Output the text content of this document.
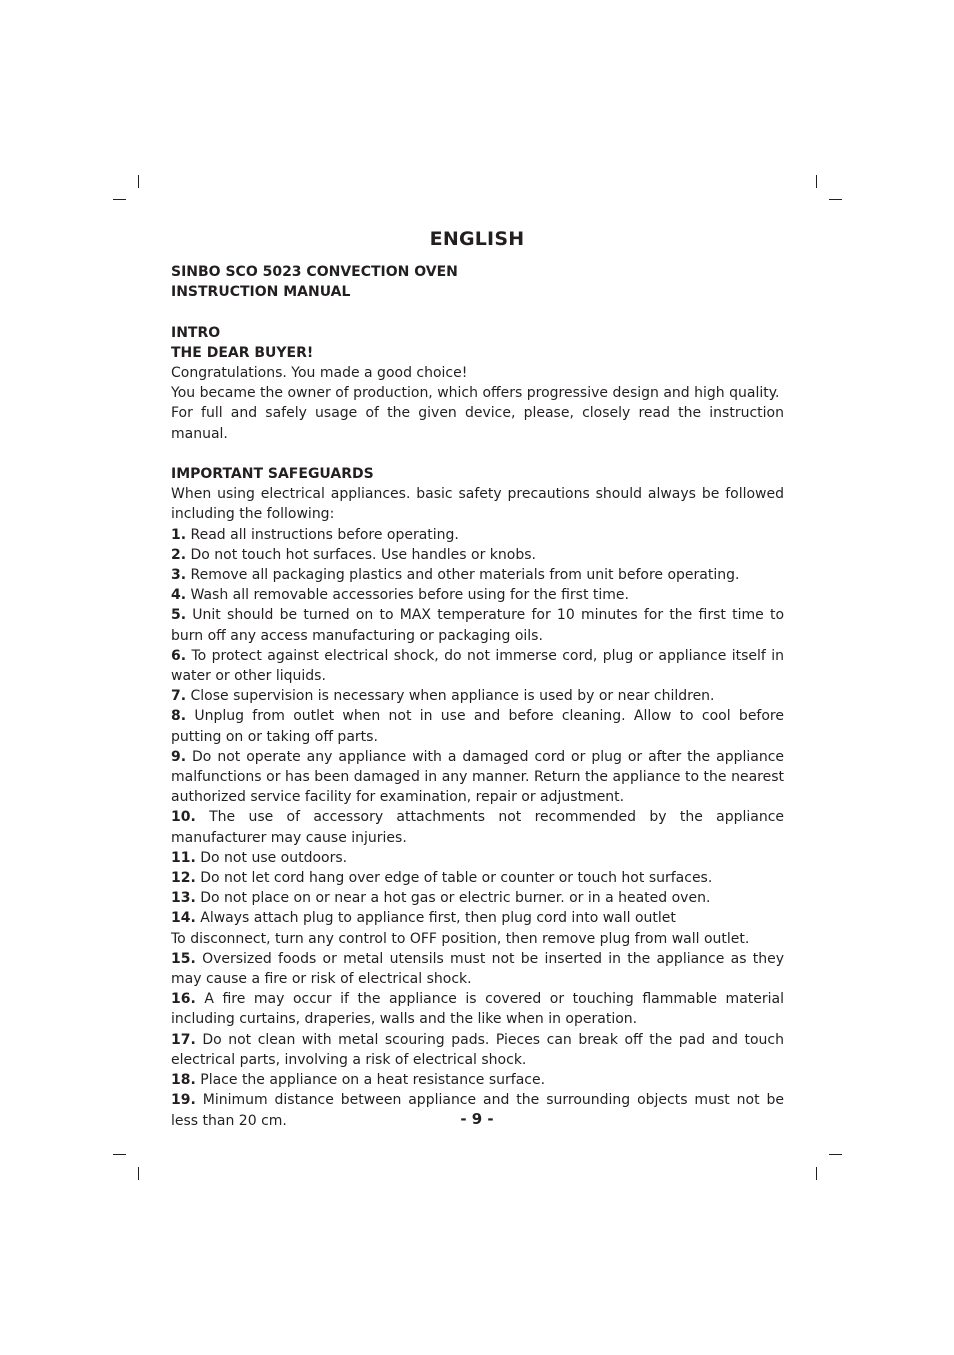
ENGLISH
SINBO SCO 5023 CONVECTION OVEN
INSTRUCTION MANUAL
INTRO
THE DEAR BUYER!

Congratulations. You made a good choice!

You became the owner of production, which offers progressive design and high quality.

For full and safely usage of the given device, please, closely read the instruction manual.

IMPORTANT SAFEGUARDS

When using electrical appliances. basic safety precautions should always be followed including the following:

1. Read all instructions before operating.

2. Do not touch hot surfaces. Use handles or knobs.

3. Remove all packaging plastics and other materials from unit before operating.

4. Wash all removable accessories before using for the first time.

5. Unit should be turned on to MAX temperature for 10 minutes for the first time to burn off any access manufacturing or packaging oils.

6. To protect against electrical shock, do not immerse cord, plug or appliance itself in water or other liquids.

7. Close supervision is necessary when appliance is used by or near children.

8. Unplug from outlet when not in use and before cleaning. Allow to cool before putting on or taking off parts.

9. Do not operate any appliance with a damaged cord or plug or after the appliance malfunctions or has been damaged in any manner. Return the appliance to the nearest authorized service facility for examination, repair or adjustment.

10. The use of accessory attachments not recommended by the appliance manufacturer may cause injuries.

11. Do not use outdoors.

12. Do not let cord hang over edge of table or counter or touch hot surfaces.

13. Do not place on or near a hot gas or electric burner. or in a heated oven.

14. Always attach plug to appliance first, then plug cord into wall outlet

To disconnect, turn any control to OFF position, then remove plug from wall outlet.

15. Oversized foods or metal utensils must not be inserted in the appliance as they may cause a fire or risk of electrical shock.

16. A fire may occur if the appliance is covered or touching flammable material including curtains, draperies, walls and the like when in operation.

17. Do not clean with metal scouring pads. Pieces can break off the pad and touch electrical parts, involving a risk of electrical shock.

18. Place the appliance on a heat resistance surface.

19. Minimum distance between appliance and the surrounding objects must not be less than 20 cm.	- 9 -
